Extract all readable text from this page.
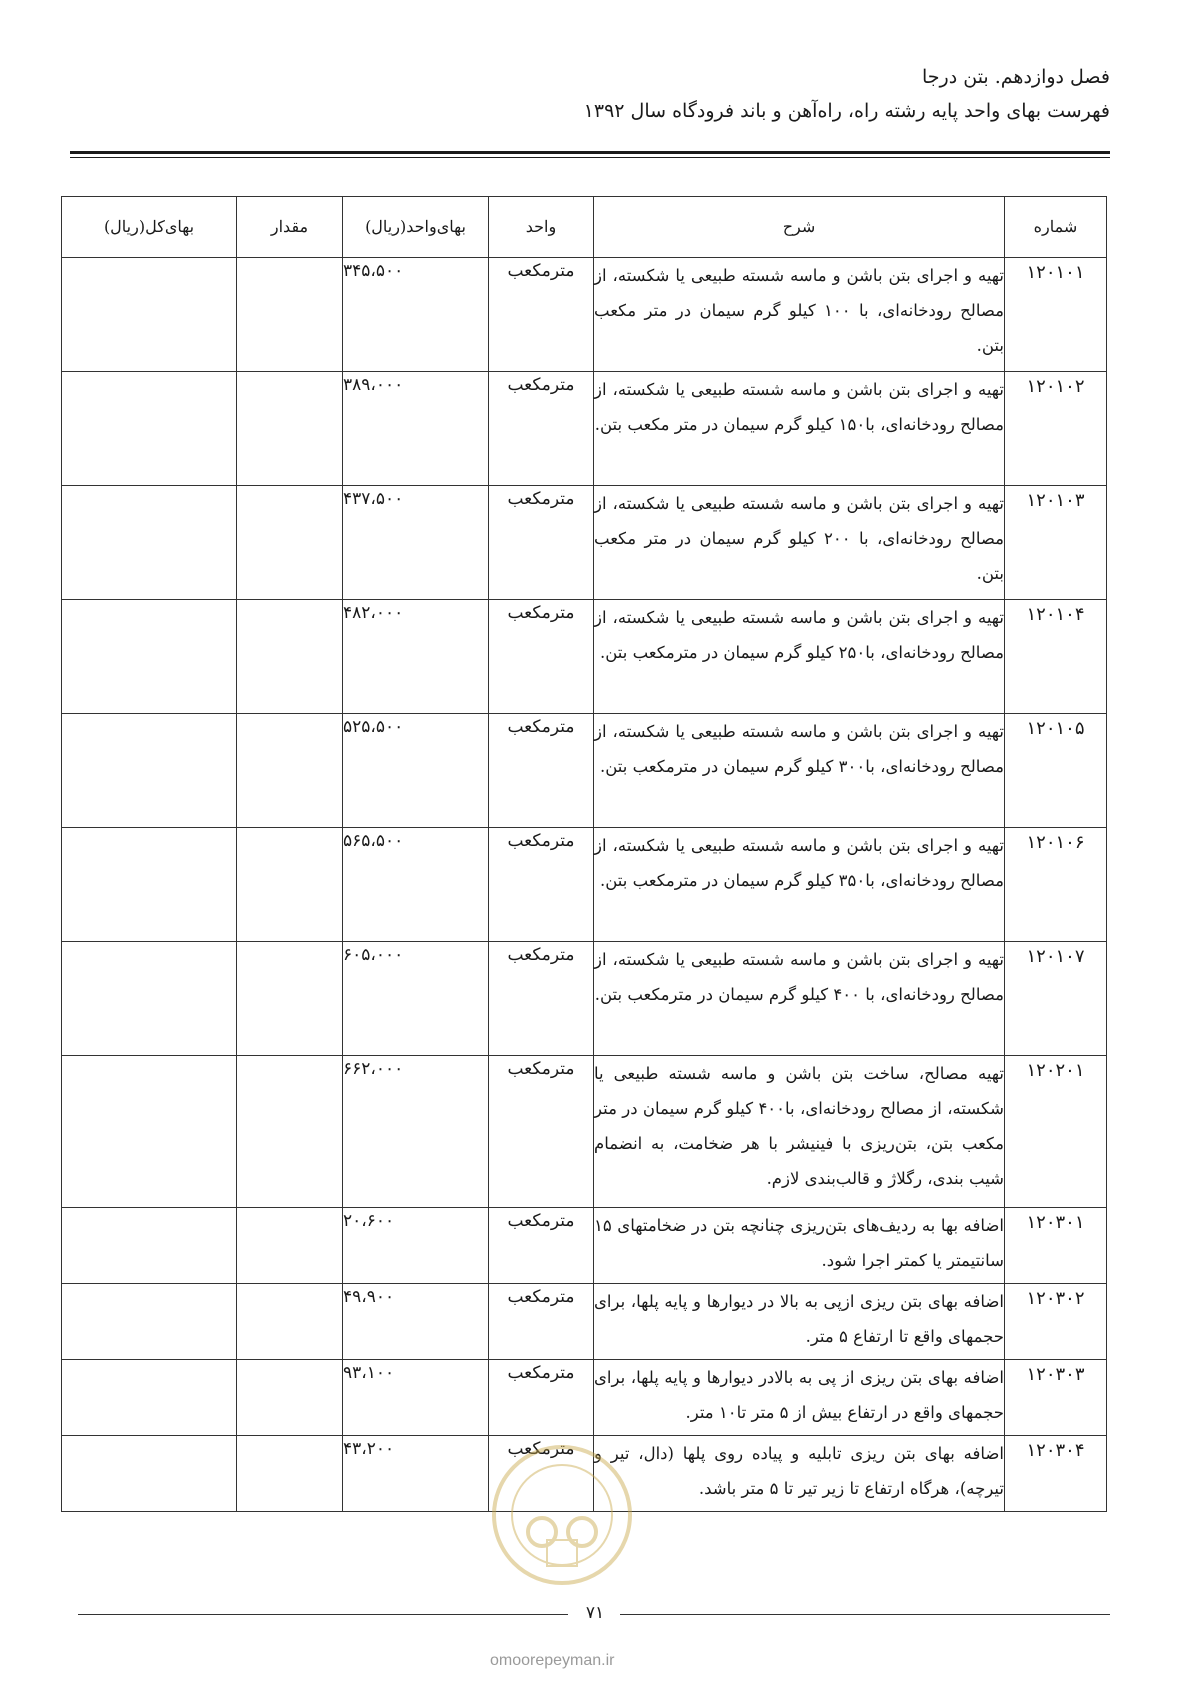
فصل دوازدهم. بتن درجا
فهرست بهای واحد پایه رشته راه، راه‌آهن و باند فرودگاه سال ۱۳۹۲
شماره	شرح	واحد	بهای‌واحد(ریال)	مقدار	بهای‌کل(ریال)
۱۲۰۱۰۱	تهیه و اجرای بتن باشن و ماسه شسته طبیعی یا شکسته، از مصالح رودخانه‌ای، با ۱۰۰ کیلو گرم سیمان در متر مکعب بتن.	مترمکعب	۳۴۵،۵۰۰		
۱۲۰۱۰۲	تهیه و اجرای بتن باشن و ماسه شسته طبیعی یا شکسته، از مصالح رودخانه‌ای، با۱۵۰ کیلو گرم سیمان در متر مکعب بتن.	مترمکعب	۳۸۹،۰۰۰		
۱۲۰۱۰۳	تهیه و اجرای بتن باشن و ماسه شسته طبیعی یا شکسته، از مصالح رودخانه‌ای، با ۲۰۰ کیلو گرم سیمان در متر مکعب بتن.	مترمکعب	۴۳۷،۵۰۰		
۱۲۰۱۰۴	تهیه و اجرای بتن باشن و ماسه شسته طبیعی یا شکسته، از مصالح رودخانه‌ای، با۲۵۰ کیلو گرم سیمان در مترمکعب بتن.	مترمکعب	۴۸۲،۰۰۰		
۱۲۰۱۰۵	تهیه و اجرای بتن باشن و ماسه شسته طبیعی یا شکسته، از مصالح رودخانه‌ای، با۳۰۰ کیلو گرم سیمان در مترمکعب بتن.	مترمکعب	۵۲۵،۵۰۰		
۱۲۰۱۰۶	تهیه و اجرای بتن باشن و ماسه شسته طبیعی یا شکسته، از مصالح رودخانه‌ای، با۳۵۰ کیلو گرم سیمان در مترمکعب بتن.	مترمکعب	۵۶۵،۵۰۰		
۱۲۰۱۰۷	تهیه و اجرای بتن باشن و ماسه شسته طبیعی یا شکسته، از مصالح رودخانه‌ای، با ۴۰۰ کیلو گرم سیمان در مترمکعب بتن.	مترمکعب	۶۰۵،۰۰۰		
۱۲۰۲۰۱	تهیه مصالح، ساخت بتن باشن و ماسه شسته طبیعی یا شکسته، از مصالح رودخانه‌ای، با۴۰۰ کیلو گرم سیمان در متر مکعب بتن، بتن‌ریزی با فینیشر با هر ضخامت، به انضمام شیب بندی، رگلاژ و قالب‌بندی لازم.	مترمکعب	۶۶۲،۰۰۰		
۱۲۰۳۰۱	اضافه بها به ردیف‌های بتن‌ریزی چنانچه بتن در ضخامتهای ۱۵ سانتیمتر یا کمتر اجرا شود.	مترمکعب	۲۰،۶۰۰		
۱۲۰۳۰۲	اضافه بهای بتن ریزی ازپی به بالا در دیوارها و پایه پلها، برای حجمهای واقع تا ارتفاع ۵ متر.	مترمکعب	۴۹،۹۰۰		
۱۲۰۳۰۳	اضافه بهای بتن ریزی از پی به بالادر دیوارها و پایه پلها، برای حجمهای واقع در ارتفاع بیش از ۵ متر تا۱۰ متر.	مترمکعب	۹۳،۱۰۰		
۱۲۰۳۰۴	اضافه بهای بتن ریزی تابلیه و پیاده روی پلها (دال، تیر و تیرچه)، هرگاه ارتفاع تا زیر تیر تا ۵ متر باشد.	مترمکعب	۴۳،۲۰۰		
۷۱
omoorepeyman.ir
